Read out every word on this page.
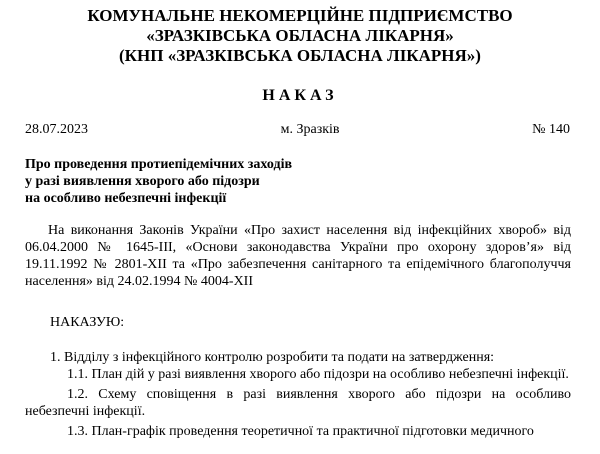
КОМУНАЛЬНЕ НЕКОМЕРЦІЙНЕ ПІДПРИЄМСТВО
«ЗРАЗКІВСЬКА ОБЛАСНА ЛІКАРНЯ»
(КНП «ЗРАЗКІВСЬКА ОБЛАСНА ЛІКАРНЯ»)
НАКАЗ
28.07.2023	м. Зразків	№ 140
Про проведення протиепідемічних заходів
у разі виявлення хворого або підозри
на особливо небезпечні інфекції
На виконання Законів України «Про захист населення від інфекційних хвороб» від 06.04.2000 № 1645-ІІІ, «Основи законодавства України про охорону здоров’я» від 19.11.1992 № 2801-ХІІ та «Про забезпечення санітарного та епідемічного благополуччя населення» від 24.02.1994 № 4004-ХІІ
НАКАЗУЮ:

1. Відділу з інфекційного контролю розробити та подати на затвердження:

1.1. План дій у разі виявлення хворого або підозри на особливо небезпечні інфекції.

1.2. Схему сповіщення в разі виявлення хворого або підозри на особливо небезпечні інфекції.

1.3. План-графік проведення теоретичної та практичної підготовки медичного
